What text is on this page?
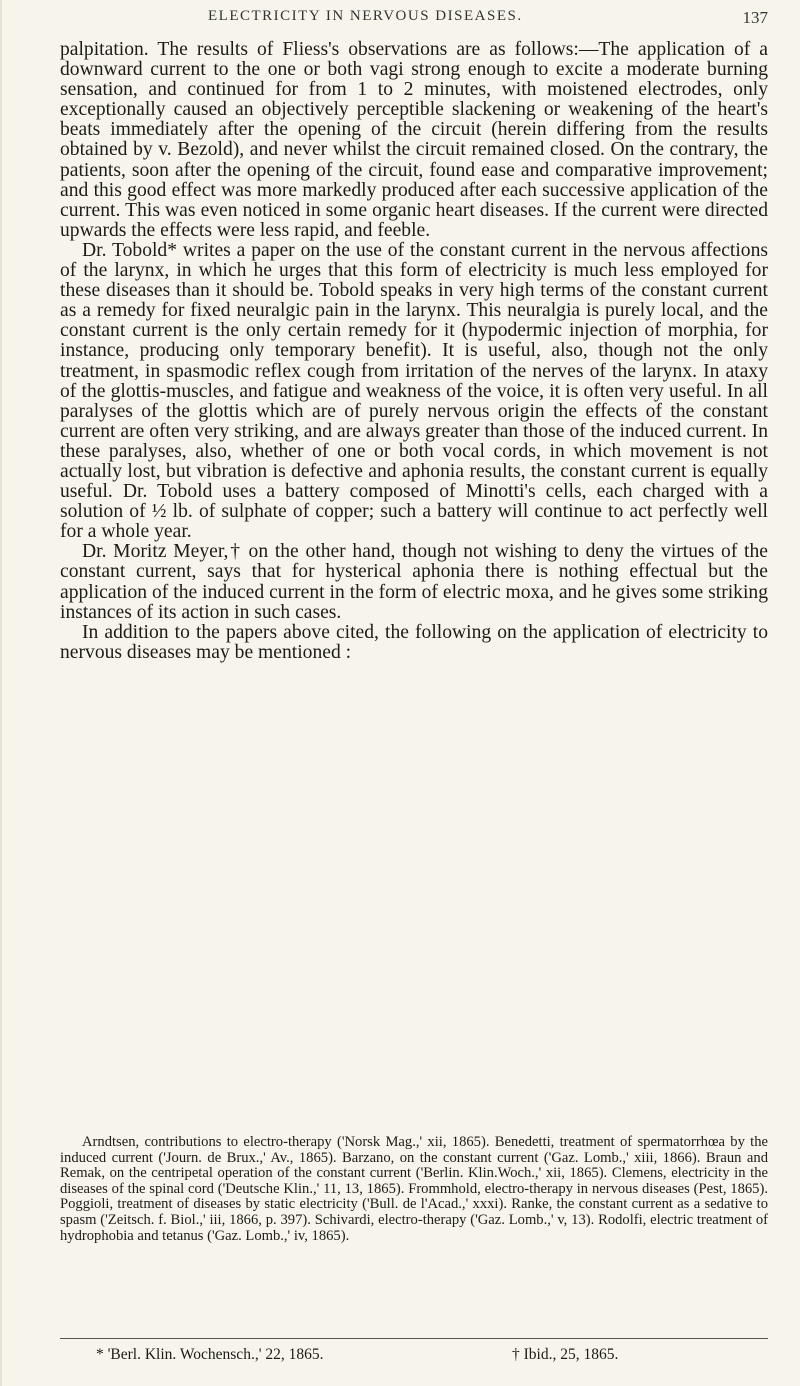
ELECTRICITY IN NERVOUS DISEASES.	137

palpitation. The results of Fliess's observations are as follows:—The application of a downward current to the one or both vagi strong enough to excite a moderate burning sensation, and continued for from 1 to 2 minutes, with moistened electrodes, only exceptionally caused an objectively perceptible slackening or weakening of the heart's beats immediately after the opening of the circuit (herein differing from the results obtained by v. Bezold), and never whilst the circuit remained closed. On the contrary, the patients, soon after the opening of the circuit, found ease and comparative improvement; and this good effect was more markedly produced after each successive application of the current. This was even noticed in some organic heart diseases. If the current were directed upwards the effects were less rapid, and feeble.

Dr. Tobold* writes a paper on the use of the constant current in the nervous affections of the larynx, in which he urges that this form of electricity is much less employed for these diseases than it should be. Tobold speaks in very high terms of the constant current as a remedy for fixed neuralgic pain in the larynx. This neuralgia is purely local, and the constant current is the only certain remedy for it (hypodermic injection of morphia, for instance, producing only temporary benefit). It is useful, also, though not the only treatment, in spasmodic reflex cough from irritation of the nerves of the larynx. In ataxy of the glottis-muscles, and fatigue and weakness of the voice, it is often very useful. In all paralyses of the glottis which are of purely nervous origin the effects of the constant current are often very striking, and are always greater than those of the induced current. In these paralyses, also, whether of one or both vocal cords, in which movement is not actually lost, but vibration is defective and aphonia results, the constant current is equally useful. Dr. Tobold uses a battery composed of Minotti's cells, each charged with a solution of ½ lb. of sulphate of copper; such a battery will continue to act perfectly well for a whole year.

Dr. Moritz Meyer,† on the other hand, though not wishing to deny the virtues of the constant current, says that for hysterical aphonia there is nothing effectual but the application of the induced current in the form of electric moxa, and he gives some striking instances of its action in such cases.

In addition to the papers above cited, the following on the application of electricity to nervous diseases may be mentioned :

Arndtsen, contributions to electro-therapy ('Norsk Mag.,' xii, 1865). Benedetti, treatment of spermatorrhœa by the induced current ('Journ. de Brux.,' Av., 1865). Barzano, on the constant current ('Gaz. Lomb.,' xiii, 1866). Braun and Remak, on the centripetal operation of the constant current ('Berlin. Klin.Woch.,' xii, 1865). Clemens, electricity in the diseases of the spinal cord ('Deutsche Klin.,' 11, 13, 1865). Frommhold, electro-therapy in nervous diseases (Pest, 1865). Poggioli, treatment of diseases by static electricity ('Bull. de l'Acad.,' xxxi). Ranke, the constant current as a sedative to spasm ('Zeitsch. f. Biol.,' iii, 1866, p. 397). Schivardi, electro-therapy ('Gaz. Lomb.,' v, 13). Rodolfi, electric treatment of hydrophobia and tetanus ('Gaz. Lomb.,' iv, 1865).

* 'Berl. Klin. Wochensch.,' 22, 1865.	† Ibid., 25, 1865.
